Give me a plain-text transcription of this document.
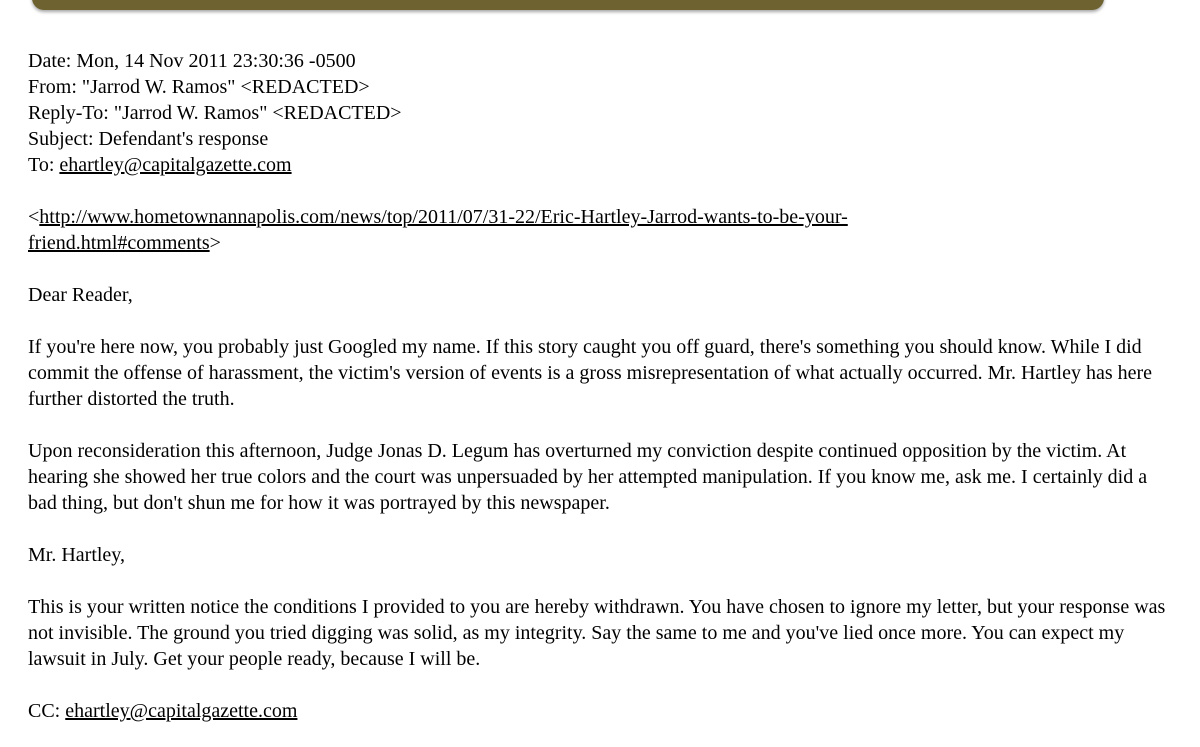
Date: Mon, 14 Nov 2011 23:30:36 -0500
From: "Jarrod W. Ramos" <REDACTED>
Reply-To: "Jarrod W. Ramos" <REDACTED>
Subject: Defendant's response
To: ehartley@capitalgazette.com
<http://www.hometownannapolis.com/news/top/2011/07/31-22/Eric-Hartley-Jarrod-wants-to-be-your-
friend.html#comments>

Dear Reader,

If you're here now, you probably just Googled my name. If this story caught you off guard, there's something you should know. While I did commit the offense of harassment, the victim's version of events is a gross misrepresentation of what actually occurred. Mr. Hartley has here further distorted the truth.

Upon reconsideration this afternoon, Judge Jonas D. Legum has overturned my conviction despite continued opposition by the victim. At hearing she showed her true colors and the court was unpersuaded by her attempted manipulation. If you know me, ask me. I certainly did a bad thing, but don't shun me for how it was portrayed by this newspaper.

Mr. Hartley,

This is your written notice the conditions I provided to you are hereby withdrawn. You have chosen to ignore my letter, but your response was not invisible. The ground you tried digging was solid, as my integrity. Say the same to me and you've lied once more. You can expect my lawsuit in July. Get your people ready, because I will be.

CC: ehartley@capitalgazette.com
